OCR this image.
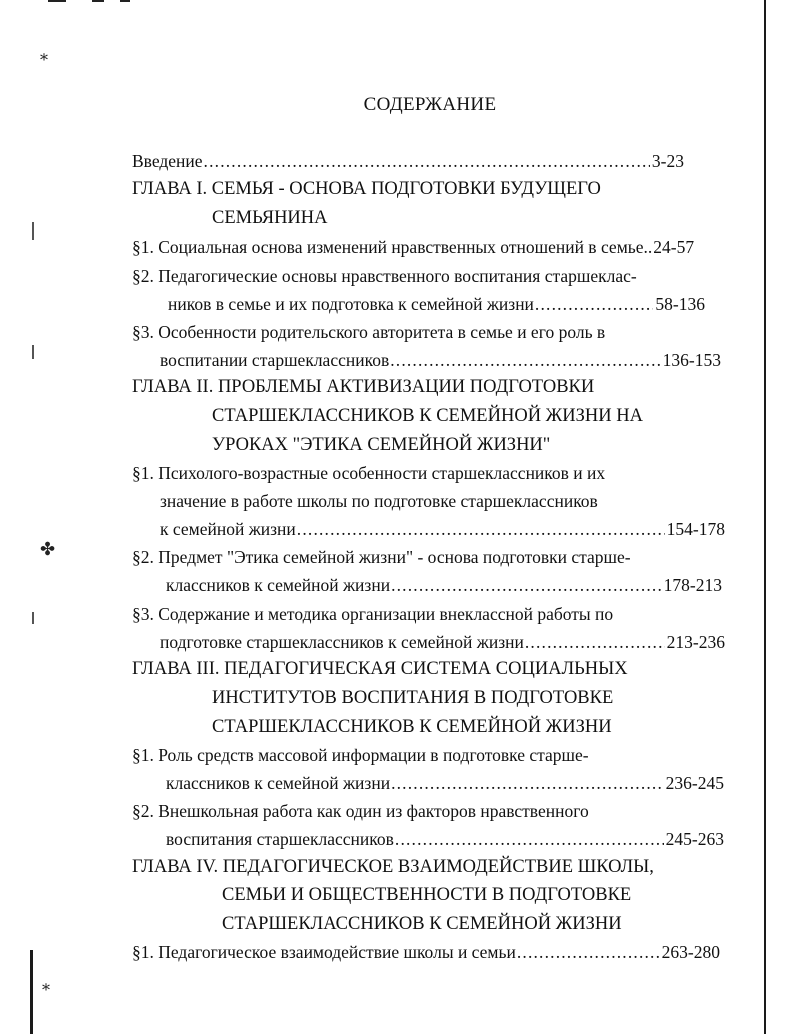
⁎
✤
⁎
СОДЕРЖАНИЕ
Введение . . .	3-23
ГЛАВА I. СЕМЬЯ - ОСНОВА ПОДГОТОВКИ БУДУЩЕГО
СЕМЬЯНИНА
§1. Социальная основа изменений нравственных отношений в семье.. 24-57
§2. Педагогические основы нравственного воспитания старшеклас-
ников в семье и их подготовка к семейной жизни . . .	58-136
§3. Особенности родительского авторитета в семье и его роль в
воспитании старшеклассников . . .	136-153
ГЛАВА II. ПРОБЛЕМЫ АКТИВИЗАЦИИ ПОДГОТОВКИ
СТАРШЕКЛАССНИКОВ К СЕМЕЙНОЙ ЖИЗНИ НА
УРОКАХ "ЭТИКА СЕМЕЙНОЙ ЖИЗНИ"
§1. Психолого-возрастные особенности старшеклассников и их
значение в работе школы по подготовке старшеклассников
к семейной жизни . . .	154-178
§2. Предмет "Этика семейной жизни" - основа подготовки старше-
классников к семейной жизни . . .	178-213
§3. Содержание и методика организации внеклассной работы по
подготовке старшеклассников к семейной жизни . . .	213-236
ГЛАВА III. ПЕДАГОГИЧЕСКАЯ СИСТЕМА СОЦИАЛЬНЫХ
ИНСТИТУТОВ ВОСПИТАНИЯ В ПОДГОТОВКЕ
СТАРШЕКЛАССНИКОВ К СЕМЕЙНОЙ ЖИЗНИ
§1. Роль средств массовой информации в подготовке старше-
классников к семейной жизни . . .	236-245
§2. Внешкольная работа как один из факторов нравственного
воспитания старшеклассников . . .	245-263
ГЛАВА IV. ПЕДАГОГИЧЕСКОЕ ВЗАИМОДЕЙСТВИЕ ШКОЛЫ,
СЕМЬИ И ОБЩЕСТВЕННОСТИ В ПОДГОТОВКЕ
СТАРШЕКЛАССНИКОВ К СЕМЕЙНОЙ ЖИЗНИ
§1. Педагогическое взаимодействие школы и семьи . . .	263-280
